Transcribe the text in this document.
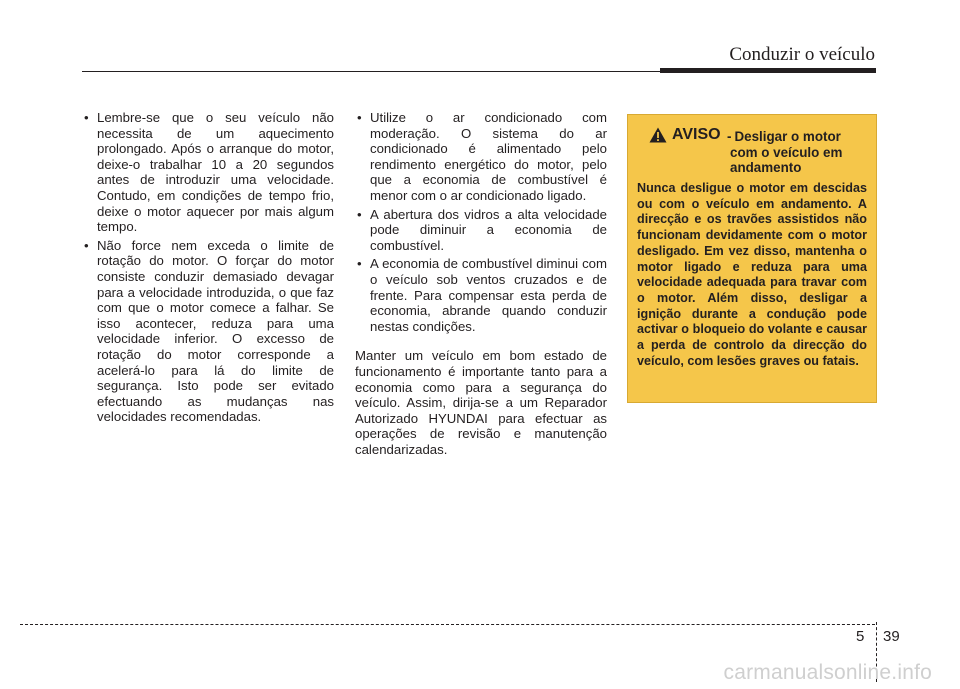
Conduzir o veículo
• Lembre-se que o seu veículo não necessita de um aquecimento prolongado. Após o arranque do motor, deixe-o trabalhar 10 a 20 segundos antes de introduzir uma velocidade. Contudo, em condições de tempo frio, deixe o motor aquecer por mais algum tempo.
• Não force nem exceda o limite de rotação do motor. O forçar do motor consiste conduzir demasiado devagar para a velocidade introduzida, o que faz com que o motor comece a falhar. Se isso acontecer, reduza para uma velocidade inferior. O excesso de rotação do motor corresponde a acelerá-lo para lá do limite de segurança. Isto pode ser evitado efectuando as mudanças nas velocidades recomendadas.
• Utilize o ar condicionado com moderação. O sistema do ar condicionado é alimentado pelo rendimento energético do motor, pelo que a economia de combustível é menor com o ar condicionado ligado.
• A abertura dos vidros a alta velocidade pode diminuir a economia de combustível.
• A economia de combustível diminui com o veículo sob ventos cruzados e de frente. Para compensar esta perda de economia, abrande quando conduzir nestas condições.

Manter um veículo em bom estado de funcionamento é importante tanto para a economia como para a segurança do veículo. Assim, dirija-se a um Reparador Autorizado HYUNDAI para efectuar as operações de revisão e manutenção calendarizadas.

AVISO - Desligar o motor
com o veículo em
andamento

Nunca desligue o motor em descidas ou com o veículo em andamento. A direcção e os travões assistidos não funcionam devidamente com o motor desligado. Em vez disso, mantenha o motor ligado e reduza para uma velocidade adequada para travar com o motor. Além disso, desligar a ignição durante a condução pode activar o bloqueio do volante e causar a perda de controlo da direcção do veículo, com lesões graves ou fatais.

5 39
carmanualsonline.info
